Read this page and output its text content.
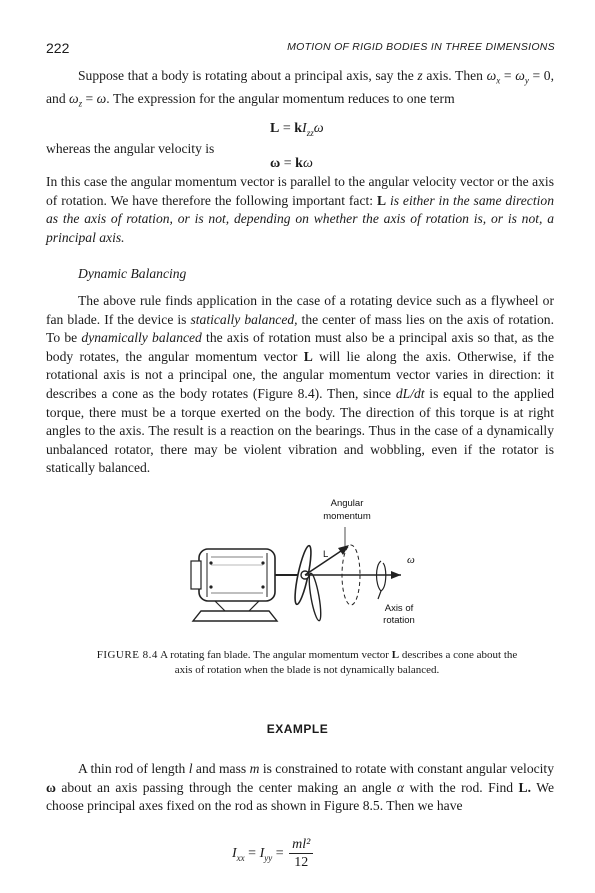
222	MOTION OF RIGID BODIES IN THREE DIMENSIONS

Suppose that a body is rotating about a principal axis, say the z axis. Then $\omega_x = \omega_y = 0$, and $\omega_z = \omega$. The expression for the angular momentum reduces to one term

$L = kI_{zz}\omega$

whereas the angular velocity is

ω = kω

In this case the angular momentum vector is parallel to the angular velocity vector or the axis of rotation. We have therefore the following important fact: L is either in the same direction as the axis of rotation, or is not, depending on whether the axis of rotation is, or is not, a principal axis.

Dynamic Balancing

The above rule finds application in the case of a rotating device such as a flywheel or fan blade. If the device is statically balanced, the center of mass lies on the axis of rotation. To be dynamically balanced the axis of rotation must also be a principal axis so that, as the body rotates, the angular momentum vector L will lie along the axis. Otherwise, if the rotational axis is not a principal one, the angular momentum vector varies in direction: it describes a cone as the body rotates (Figure 8.4). Then, since dL/dt is equal to the applied torque, there must be a torque exerted on the body. The direction of this torque is at right angles to the axis. The result is a reaction on the bearings. Thus in the case of a dynamically unbalanced rotator, there may be violent vibration and wobbling, even if the rotator is statically balanced.

Angular
momentum
L	ω
Axis of
rotation
FIGURE 8.4 A rotating fan blade. The angular momentum vector L describes a cone about the axis of rotation when the blade is not dynamically balanced.
EXAMPLE

A thin rod of length l and mass m is constrained to rotate with constant angular velocity ω about an axis passing through the center making an angle α with the rod. Find L. We choose principal axes fixed on the rod as shown in Figure 8.5. Then we have

$I_{xx} = I_{yy} = \frac{\text{ml²}}{12}$
